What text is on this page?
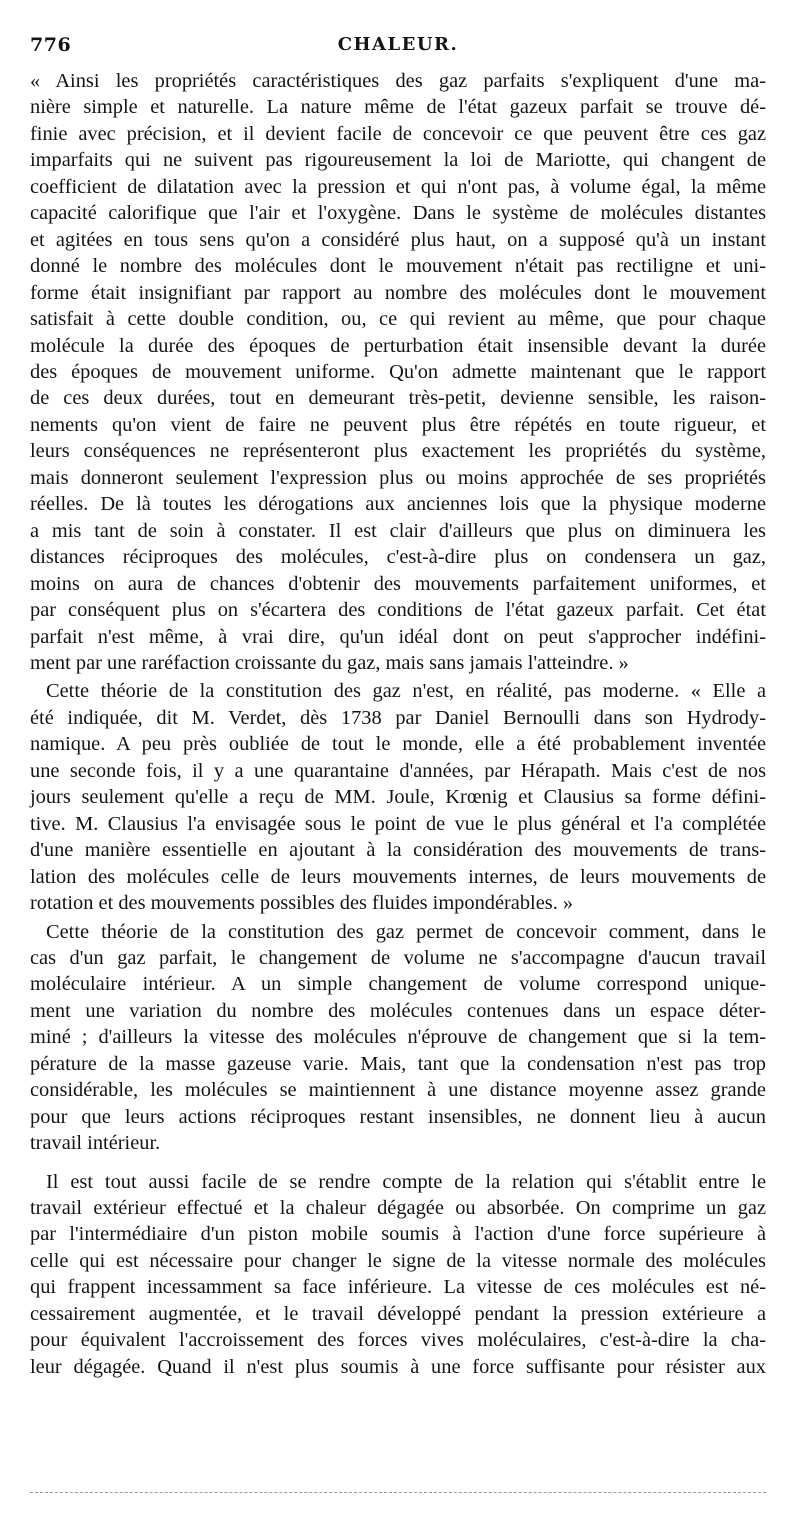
776	CHALEUR.

« Ainsi les propriétés caractéristiques des gaz parfaits s'expliquent d'une ma-
nière simple et naturelle. La nature même de l'état gazeux parfait se trouve dé-
finie avec précision, et il devient facile de concevoir ce que peuvent être ces gaz
imparfaits qui ne suivent pas rigoureusement la loi de Mariotte, qui changent de
coefficient de dilatation avec la pression et qui n'ont pas, à volume égal, la même
capacité calorifique que l'air et l'oxygène. Dans le système de molécules distantes
et agitées en tous sens qu'on a considéré plus haut, on a supposé qu'à un instant
donné le nombre des molécules dont le mouvement n'était pas rectiligne et uni-
forme était insignifiant par rapport au nombre des molécules dont le mouvement
satisfait à cette double condition, ou, ce qui revient au même, que pour chaque
molécule la durée des époques de perturbation était insensible devant la durée
des époques de mouvement uniforme. Qu'on admette maintenant que le rapport
de ces deux durées, tout en demeurant très-petit, devienne sensible, les raison-
nements qu'on vient de faire ne peuvent plus être répétés en toute rigueur, et
leurs conséquences ne représenteront plus exactement les propriétés du système,
mais donneront seulement l'expression plus ou moins approchée de ses propriétés
réelles. De là toutes les dérogations aux anciennes lois que la physique moderne
a mis tant de soin à constater. Il est clair d'ailleurs que plus on diminuera les
distances réciproques des molécules, c'est-à-dire plus on condensera un gaz,
moins on aura de chances d'obtenir des mouvements parfaitement uniformes, et
par conséquent plus on s'écartera des conditions de l'état gazeux parfait. Cet état
parfait n'est même, à vrai dire, qu'un idéal dont on peut s'approcher indéfini-
ment par une raréfaction croissante du gaz, mais sans jamais l'atteindre. »

Cette théorie de la constitution des gaz n'est, en réalité, pas moderne. « Elle a
été indiquée, dit M. Verdet, dès 1738 par Daniel Bernoulli dans son Hydrody-
namique. A peu près oubliée de tout le monde, elle a été probablement inventée
une seconde fois, il y a une quarantaine d'années, par Hérapath. Mais c'est de nos
jours seulement qu'elle a reçu de MM. Joule, Krœnig et Clausius sa forme défini-
tive. M. Clausius l'a envisagée sous le point de vue le plus général et l'a complétée
d'une manière essentielle en ajoutant à la considération des mouvements de trans-
lation des molécules celle de leurs mouvements internes, de leurs mouvements de
rotation et des mouvements possibles des fluides impondérables. »

Cette théorie de la constitution des gaz permet de concevoir comment, dans le
cas d'un gaz parfait, le changement de volume ne s'accompagne d'aucun travail
moléculaire intérieur. A un simple changement de volume correspond unique-
ment une variation du nombre des molécules contenues dans un espace déter-
miné ; d'ailleurs la vitesse des molécules n'éprouve de changement que si la tem-
pérature de la masse gazeuse varie. Mais, tant que la condensation n'est pas trop
considérable, les molécules se maintiennent à une distance moyenne assez grande
pour que leurs actions réciproques restant insensibles, ne donnent lieu à aucun
travail intérieur.

Il est tout aussi facile de se rendre compte de la relation qui s'établit entre le
travail extérieur effectué et la chaleur dégagée ou absorbée. On comprime un gaz
par l'intermédiaire d'un piston mobile soumis à l'action d'une force supérieure à
celle qui est nécessaire pour changer le signe de la vitesse normale des molécules
qui frappent incessamment sa face inférieure. La vitesse de ces molécules est né-
cessairement augmentée, et le travail développé pendant la pression extérieure a
pour équivalent l'accroissement des forces vives moléculaires, c'est-à-dire la cha-
leur dégagée. Quand il n'est plus soumis à une force suffisante pour résister aux
